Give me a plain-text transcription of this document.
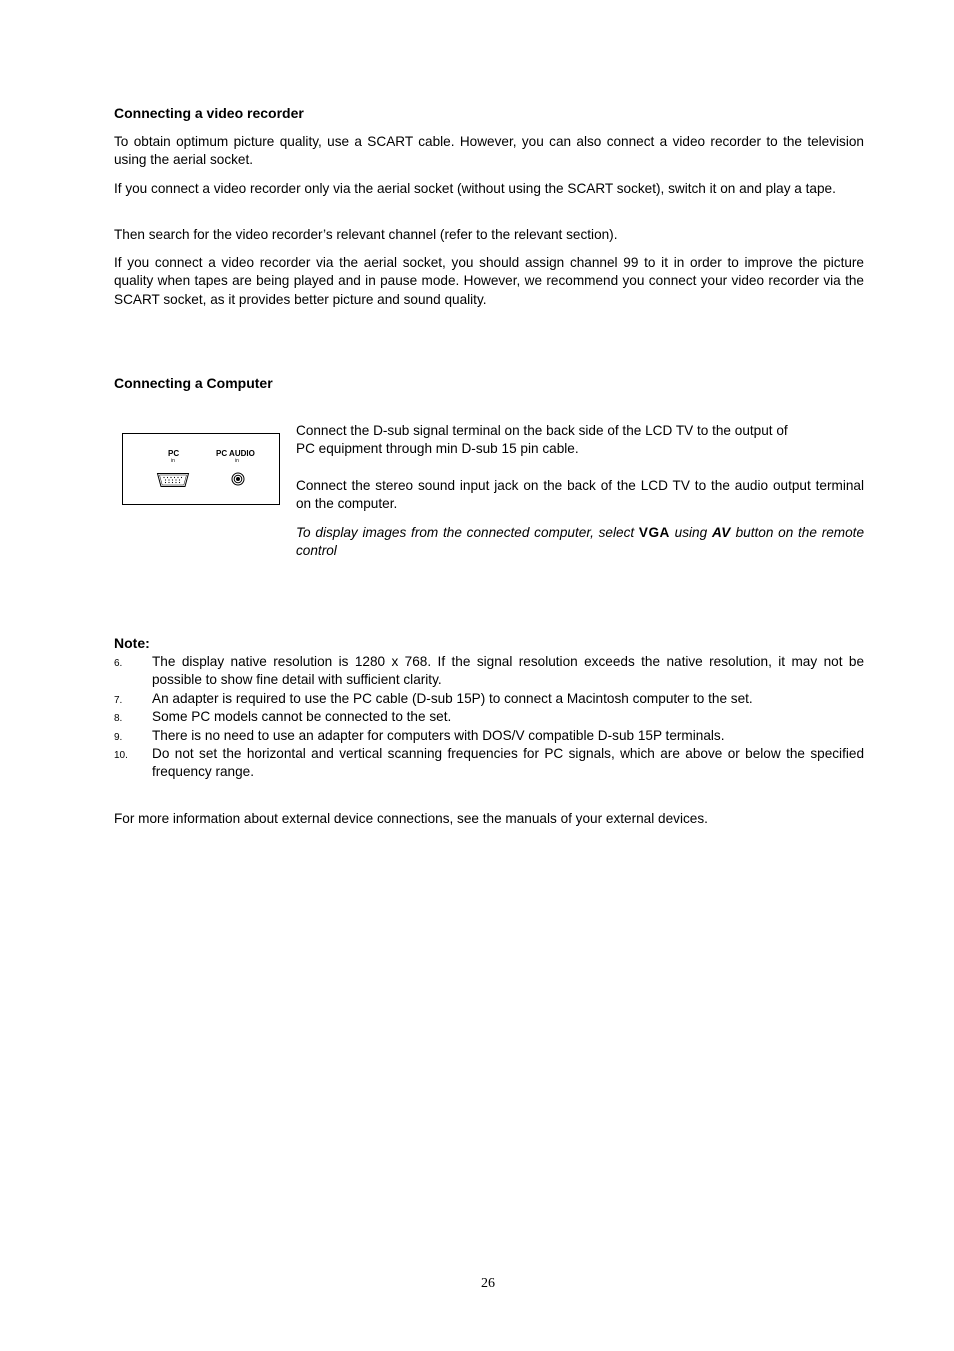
Connecting a video recorder

To obtain optimum picture quality, use a SCART cable. However, you can also connect a video recorder to the television using the aerial socket.

If you connect a video recorder only via the aerial socket (without using the SCART socket), switch it on and play a tape.

Then search for the video recorder’s relevant channel (refer to the relevant section).

If you connect a video recorder via the aerial socket, you should assign channel 99 to it in order to improve the picture quality when tapes are being played and in pause mode. However, we recommend you connect your video recorder via the SCART socket, as it provides better picture and sound quality.

Connecting a Computer
PC
in
PC AUDIO
in

Connect the D-sub signal terminal on the back side of the LCD TV to the output of
PC equipment through min D-sub 15 pin cable.

Connect the stereo sound input jack on the back of the LCD TV to the audio output terminal on the computer.

To display images from the connected computer, select VGA using AV button on the remote control

Note:
6. The display native resolution is 1280 x 768. If the signal resolution exceeds the native resolution, it may not be possible to show fine detail with sufficient clarity.
7. An adapter is required to use the PC cable (D-sub 15P) to connect a Macintosh computer to the set.
8. Some PC models cannot be connected to the set.
9. There is no need to use an adapter for computers with DOS/V compatible D-sub 15P terminals.
10. Do not set the horizontal and vertical scanning frequencies for PC signals, which are above or below the specified frequency range.

For more information about external device connections, see the manuals of your external devices.

26
